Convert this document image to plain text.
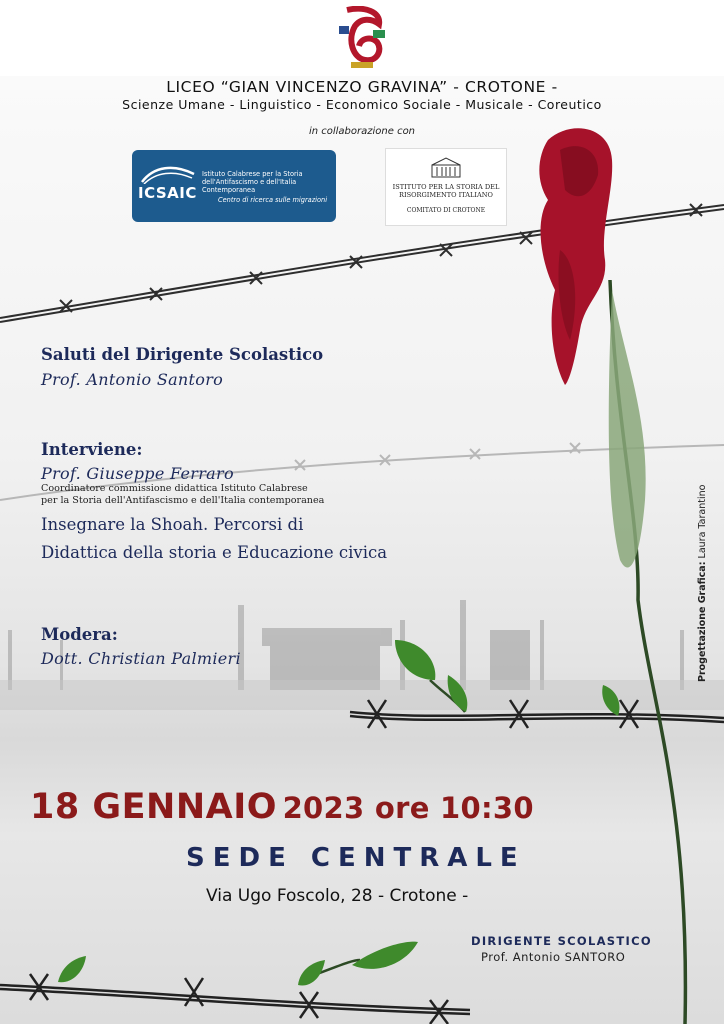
LICEO “GIAN VINCENZO GRAVINA” - CROTONE -
Scienze Umane - Linguistico - Economico Sociale - Musicale - Coreutico
in collaborazione con
ICSAIC
Istituto Calabrese per la Storia dell'Antifascismo e dell'Italia Contemporanea
Centro di ricerca sulle migrazioni
ISTITUTO PER LA STORIA DEL RISORGIMENTO ITALIANO
COMITATO DI CROTONE
Saluti del Dirigente Scolastico
Prof. Antonio Santoro
Interviene:
Prof. Giuseppe Ferraro
Coordinatore commissione didattica Istituto Calabrese
per la Storia dell'Antifascismo e dell'Italia contemporanea
Insegnare la Shoah. Percorsi di
Didattica della storia e Educazione civica
Modera:
Dott. Christian Palmieri
18 GENNAIO 2023 ore 10:30
SEDE CENTRALE
Via Ugo Foscolo, 28 - Crotone -
DIRIGENTE SCOLASTICO
Prof. Antonio SANTORO
Progettazione Grafica: Laura Tarantino
